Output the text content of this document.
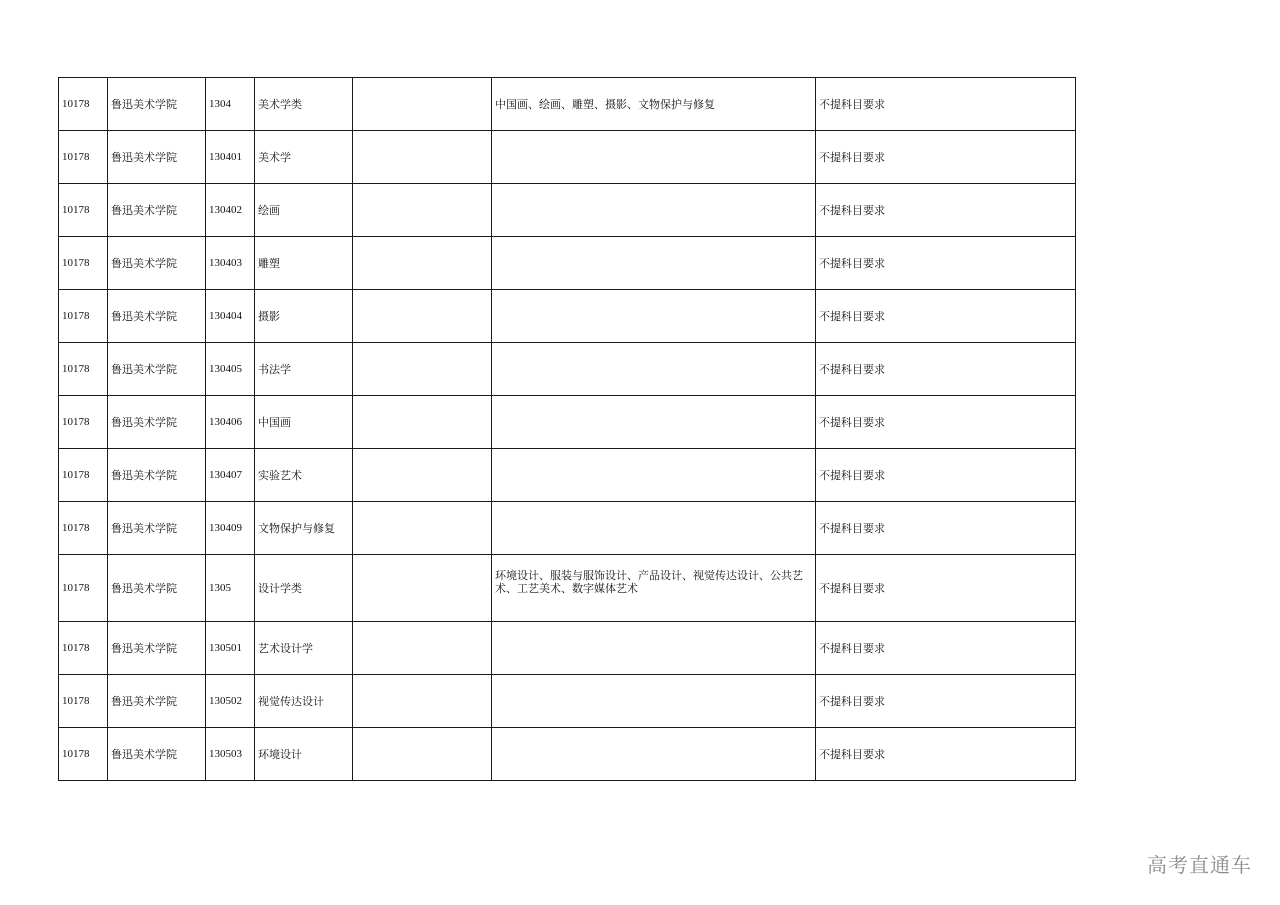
10178	鲁迅美术学院	1304	美术学类		中国画、绘画、雕塑、摄影、文物保护与修复	不提科目要求
10178	鲁迅美术学院	130401	美术学			不提科目要求
10178	鲁迅美术学院	130402	绘画			不提科目要求
10178	鲁迅美术学院	130403	雕塑			不提科目要求
10178	鲁迅美术学院	130404	摄影			不提科目要求
10178	鲁迅美术学院	130405	书法学			不提科目要求
10178	鲁迅美术学院	130406	中国画			不提科目要求
10178	鲁迅美术学院	130407	实验艺术			不提科目要求
10178	鲁迅美术学院	130409	文物保护与修复			不提科目要求
10178	鲁迅美术学院	1305	设计学类		环境设计、服装与服饰设计、产品设计、视觉传达设计、公共艺术、工艺美术、数字媒体艺术	不提科目要求
10178	鲁迅美术学院	130501	艺术设计学			不提科目要求
10178	鲁迅美术学院	130502	视觉传达设计			不提科目要求
10178	鲁迅美术学院	130503	环境设计			不提科目要求
高考直通车
